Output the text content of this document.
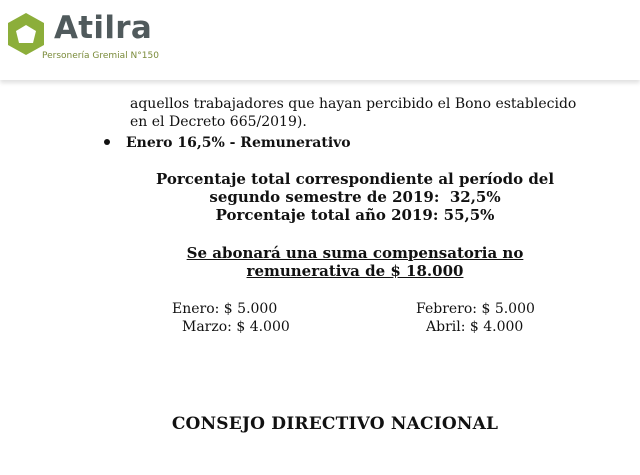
Atilra
Personería Gremial N°150
aquellos trabajadores que hayan percibido el Bono establecido
en el Decreto 665/2019).
Enero 16,5% - Remunerativo
Porcentaje total correspondiente al período del
segundo semestre de 2019:  32,5%
Porcentaje total año 2019: 55,5%
Se abonará una suma compensatoria no
remunerativa de $ 18.000
Enero: $ 5.000	Febrero: $ 5.000
Marzo: $ 4.000	Abril: $ 4.000
CONSEJO DIRECTIVO NACIONAL
